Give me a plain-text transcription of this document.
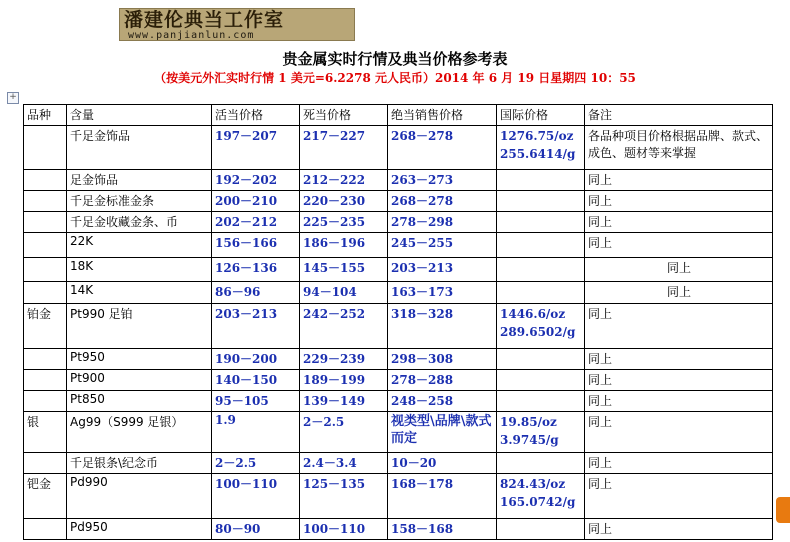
潘建伦典当工作室
www.panjianlun.com
贵金属实时行情及典当价格参考表
（按美元外汇实时行情 1 美元=6.2278 元人民币）2014 年 6 月 19 日星期四 10：55
+
品种	含量	活当价格	死当价格	绝当销售价格	国际价格	备注
	千足金饰品	197－207	217－227	268－278	1276.75/oz
255.6414/g	各品种项目价格根据品牌、款式、成色、题材等来掌握
	足金饰品	192－202	212－222	263－273		同上
	千足金标准金条	200－210	220－230	268－278		同上
	千足金收藏金条、币	202－212	225－235	278－298		同上
	22K	156－166	186－196	245－255		同上
	18K	126－136	145－155	203－213		同上
	14K	86－96	94－104	163－173		同上
铂金	Pt990 足铂	203－213	242－252	318－328	1446.6/oz
289.6502/g	同上
	Pt950	190－200	229－239	298－308		同上
	Pt900	140－150	189－199	278－288		同上
	Pt850	95－105	139－149	248－258		同上
银	Ag99（S999 足银）	1.9	2－2.5	视类型\品牌\款式而定	19.85/oz
3.9745/g	同上
	千足银条\纪念币	2－2.5	2.4－3.4	10－20		同上
钯金	Pd990	100－110	125－135	168－178	824.43/oz
165.0742/g	同上
	Pd950	80－90	100－110	158－168		同上
